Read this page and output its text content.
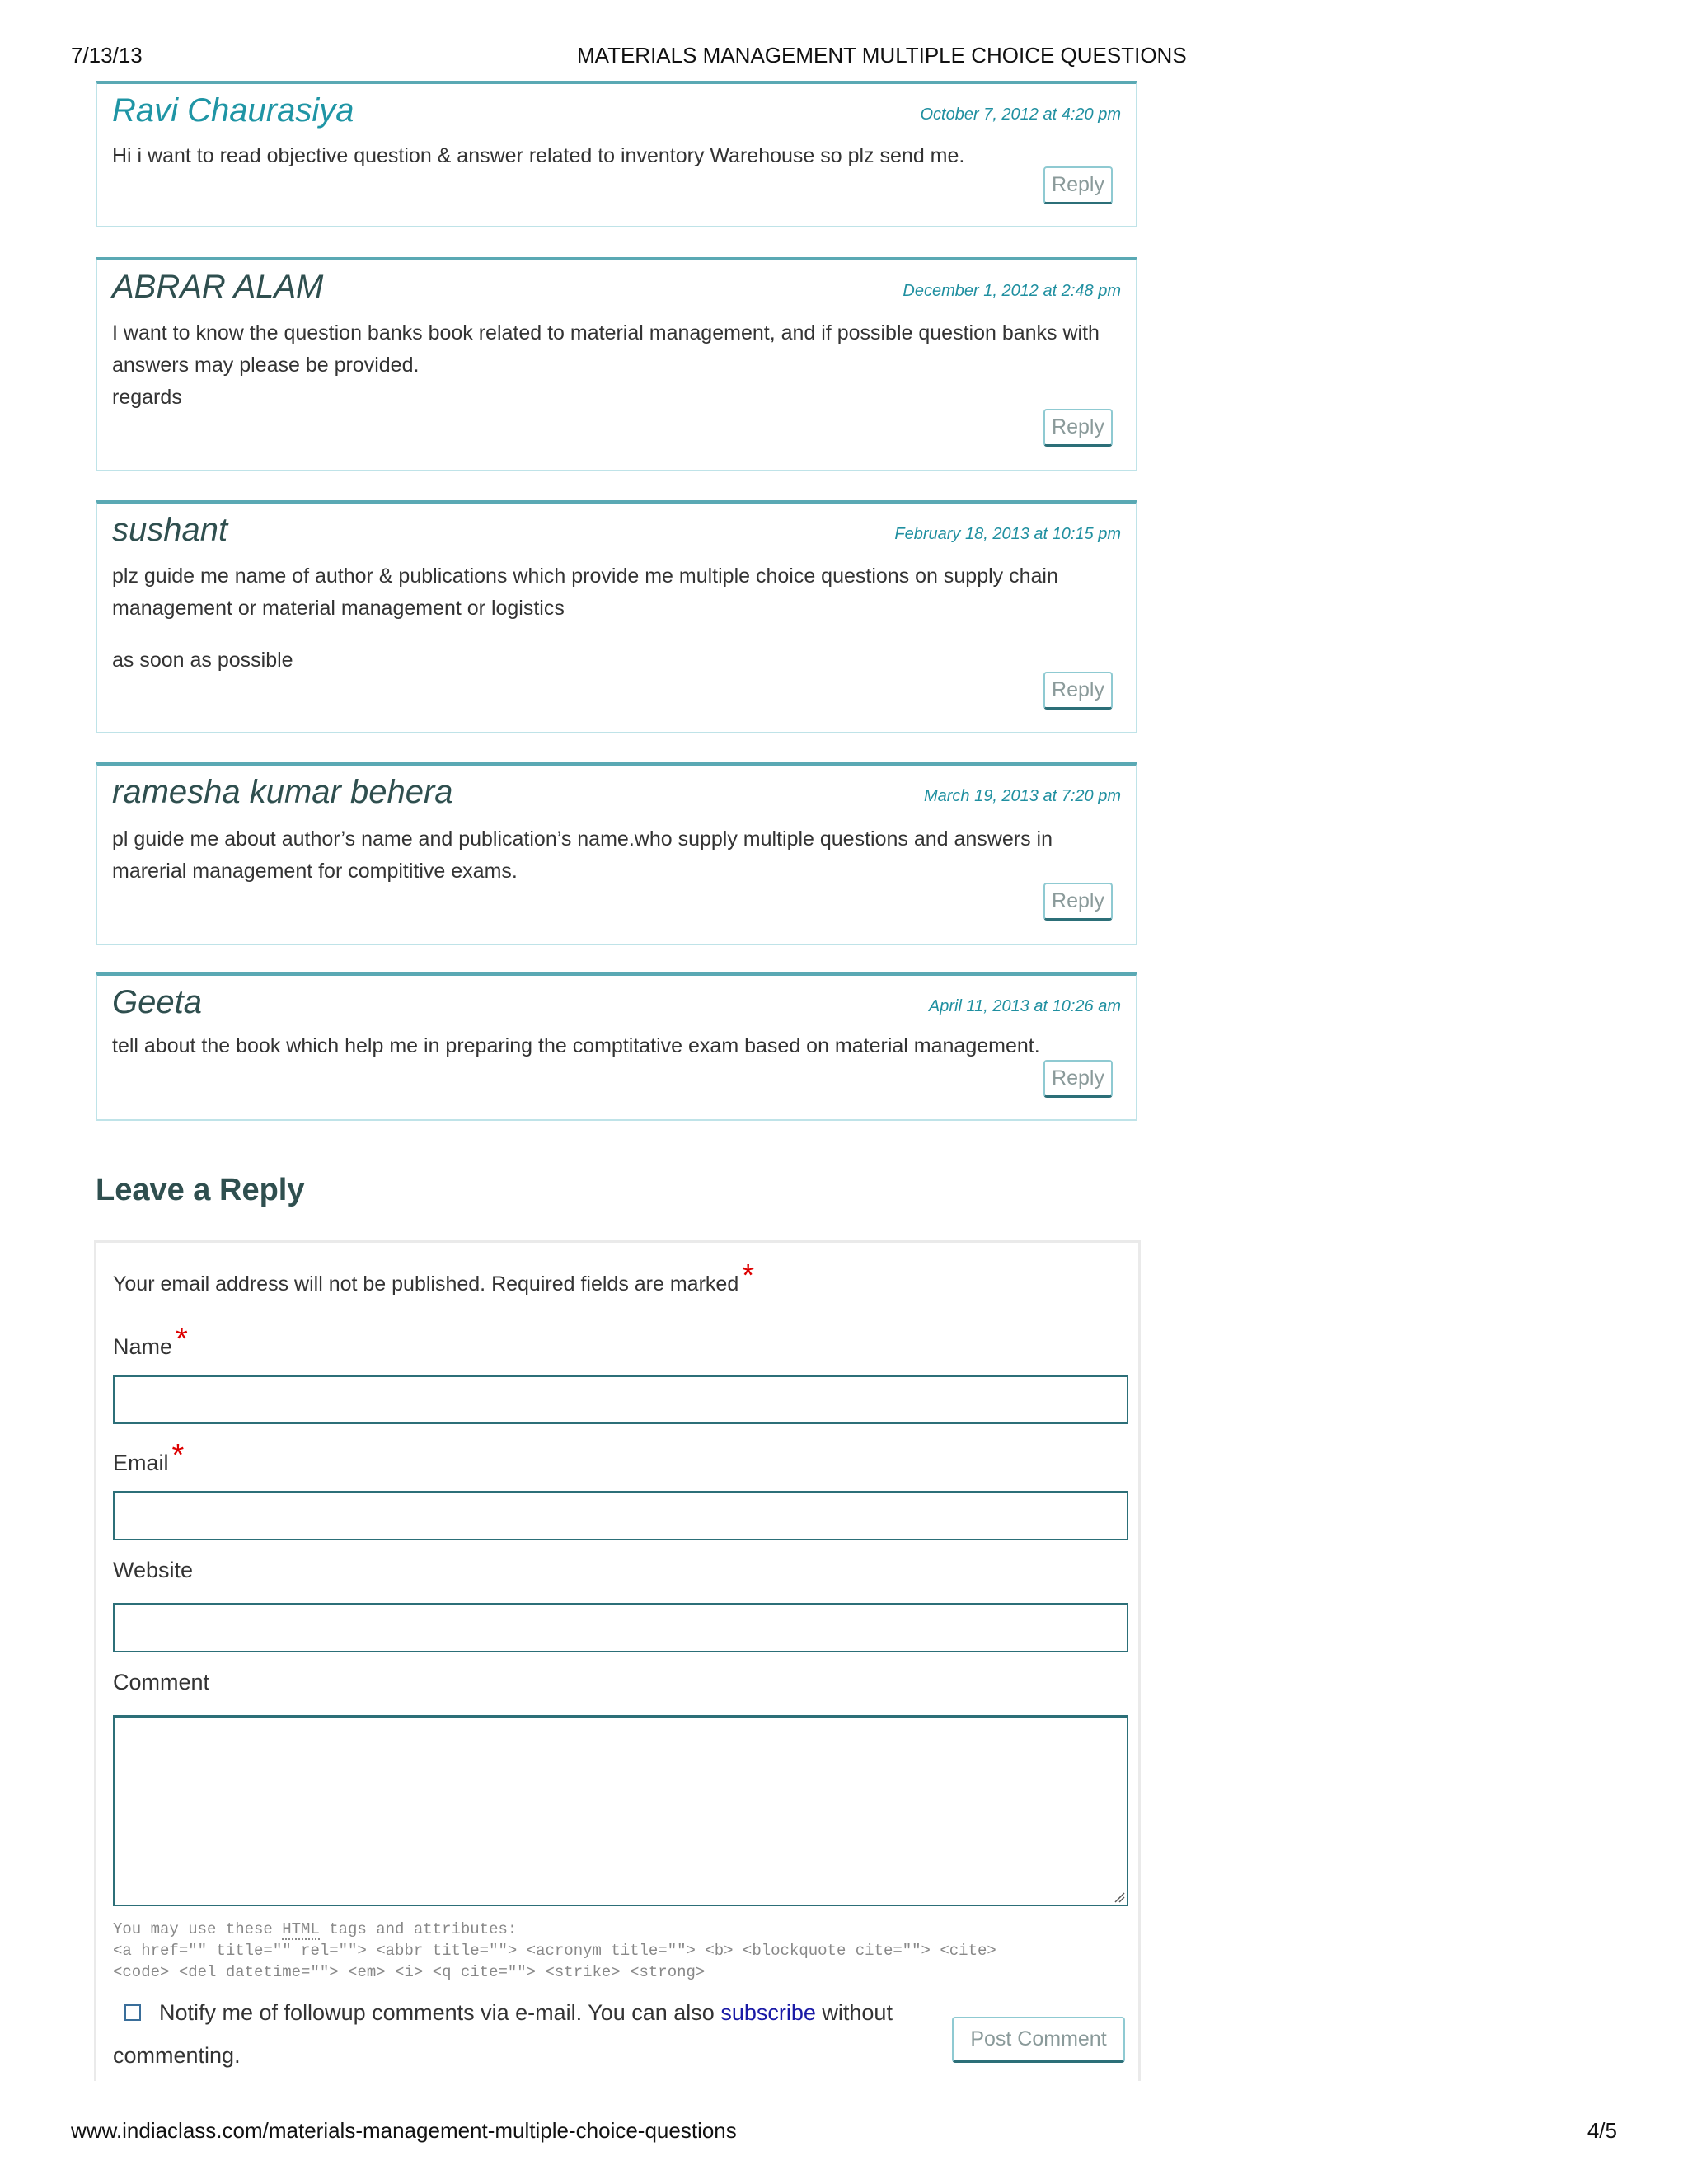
7/13/13	MATERIALS MANAGEMENT MULTIPLE CHOICE QUESTIONS
Ravi Chaurasiya	October 7, 2012 at 4:20 pm

Hi i want to read objective question & answer related to inventory Warehouse so plz send me.

Reply
ABRAR ALAM	December 1, 2012 at 2:48 pm

I want to know the question banks book related to material management, and if possible question banks with answers may please be provided.

regards

Reply
sushant	February 18, 2013 at 10:15 pm

plz guide me name of author & publications which provide me multiple choice questions on supply chain management or material management or logistics

as soon as possible

Reply
ramesha kumar behera	March 19, 2013 at 7:20 pm

pl guide me about author’s name and publication’s name.who supply multiple questions and answers in marerial management for compititive exams.

Reply
Geeta	April 11, 2013 at 10:26 am

tell about the book which help me in preparing the comptitative exam based on material management.

Reply
Leave a Reply
Your email address will not be published. Required fields are marked *
Name *
Email *
Website
Comment
You may use these HTML tags and attributes:
<a href="" title="" rel=""> <abbr title=""> <acronym title=""> <b> <blockquote cite=""> <cite>
<code> <del datetime=""> <em> <i> <q cite=""> <strike> <strong>
Notify me of followup comments via e-mail. You can also subscribe without commenting.
Post Comment
www.indiaclass.com/materials-management-multiple-choice-questions	4/5
